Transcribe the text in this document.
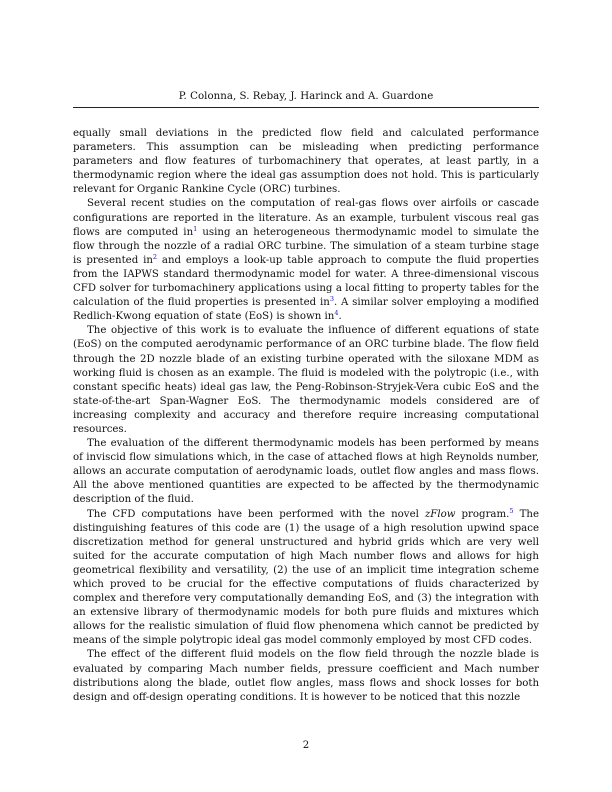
P. Colonna, S. Rebay, J. Harinck and A. Guardone

equally small deviations in the predicted flow field and calculated performance parameters. This assumption can be misleading when predicting performance parameters and flow features of turbomachinery that operates, at least partly, in a thermodynamic region where the ideal gas assumption does not hold. This is particularly relevant for Organic Rankine Cycle (ORC) turbines.

Several recent studies on the computation of real-gas flows over airfoils or cascade configurations are reported in the literature. As an example, turbulent viscous real gas flows are computed in$^1$ using an heterogeneous thermodynamic model to simulate the flow through the nozzle of a radial ORC turbine. The simulation of a steam turbine stage is presented in$^2$ and employs a look-up table approach to compute the fluid properties from the IAPWS standard thermodynamic model for water. A three-dimensional viscous CFD solver for turbomachinery applications using a local fitting to property tables for the calculation of the fluid properties is presented in$^3$. A similar solver employing a modified Redlich-Kwong equation of state (EoS) is shown in$^4$.

The objective of this work is to evaluate the influence of different equations of state (EoS) on the computed aerodynamic performance of an ORC turbine blade. The flow field through the 2D nozzle blade of an existing turbine operated with the siloxane MDM as working fluid is chosen as an example. The fluid is modeled with the polytropic (i.e., with constant specific heats) ideal gas law, the Peng-Robinson-Stryjek-Vera cubic EoS and the state-of-the-art Span-Wagner EoS. The thermodynamic models considered are of increasing complexity and accuracy and therefore require increasing computational resources.

The evaluation of the different thermodynamic models has been performed by means of inviscid flow simulations which, in the case of attached flows at high Reynolds number, allows an accurate computation of aerodynamic loads, outlet flow angles and mass flows. All the above mentioned quantities are expected to be affected by the thermodynamic description of the fluid.

The CFD computations have been performed with the novel zFlow program.$^5$ The distinguishing features of this code are (1) the usage of a high resolution upwind space discretization method for general unstructured and hybrid grids which are very well suited for the accurate computation of high Mach number flows and allows for high geometrical flexibility and versatility, (2) the use of an implicit time integration scheme which proved to be crucial for the effective computations of fluids characterized by complex and therefore very computationally demanding EoS, and (3) the integration with an extensive library of thermodynamic models for both pure fluids and mixtures which allows for the realistic simulation of fluid flow phenomena which cannot be predicted by means of the simple polytropic ideal gas model commonly employed by most CFD codes.

The effect of the different fluid models on the flow field through the nozzle blade is evaluated by comparing Mach number fields, pressure coefficient and Mach number distributions along the blade, outlet flow angles, mass flows and shock losses for both design and off-design operating conditions. It is however to be noticed that this nozzle

2
